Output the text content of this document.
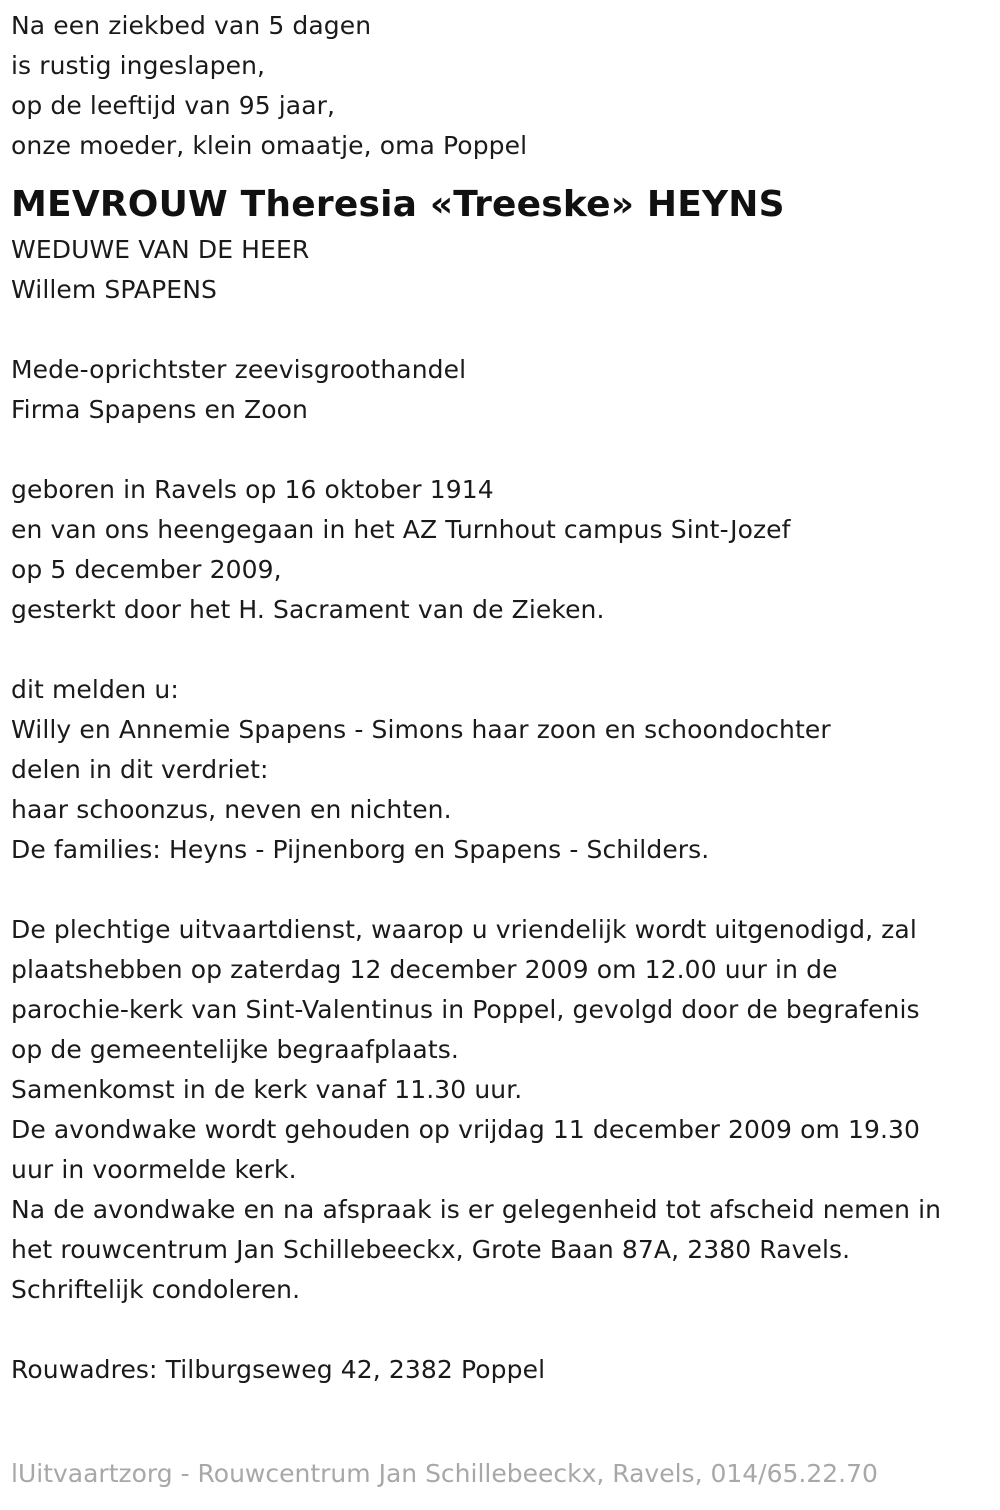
Na een ziekbed van 5 dagen
is rustig ingeslapen,
op de leeftijd van 95 jaar,
onze moeder, klein omaatje, oma Poppel
MEVROUW Theresia «Treeske» HEYNS
WEDUWE VAN DE HEER
Willem SPAPENS
Mede-oprichtster zeevisgroothandel
Firma Spapens en Zoon
geboren in Ravels op 16 oktober 1914
en van ons heengegaan in het AZ Turnhout campus Sint-Jozef
op 5 december 2009,
gesterkt door het H. Sacrament van de Zieken.
dit melden u:
Willy en Annemie Spapens - Simons haar zoon en schoondochter
delen in dit verdriet:
haar schoonzus, neven en nichten.
De families: Heyns - Pijnenborg en Spapens - Schilders.
De plechtige uitvaartdienst, waarop u vriendelijk wordt uitgenodigd, zal
plaatshebben op zaterdag 12 december 2009 om 12.00 uur in de
parochie-kerk van Sint-Valentinus in Poppel, gevolgd door de begrafenis
op de gemeentelijke begraafplaats.
Samenkomst in de kerk vanaf 11.30 uur.
De avondwake wordt gehouden op vrijdag 11 december 2009 om 19.30
uur in voormelde kerk.
Na de avondwake en na afspraak is er gelegenheid tot afscheid nemen in
het rouwcentrum Jan Schillebeeckx, Grote Baan 87A, 2380 Ravels.
Schriftelijk condoleren.
Rouwadres: Tilburgseweg 42, 2382 Poppel
lUitvaartzorg - Rouwcentrum Jan Schillebeeckx, Ravels, 014/65.22.70
